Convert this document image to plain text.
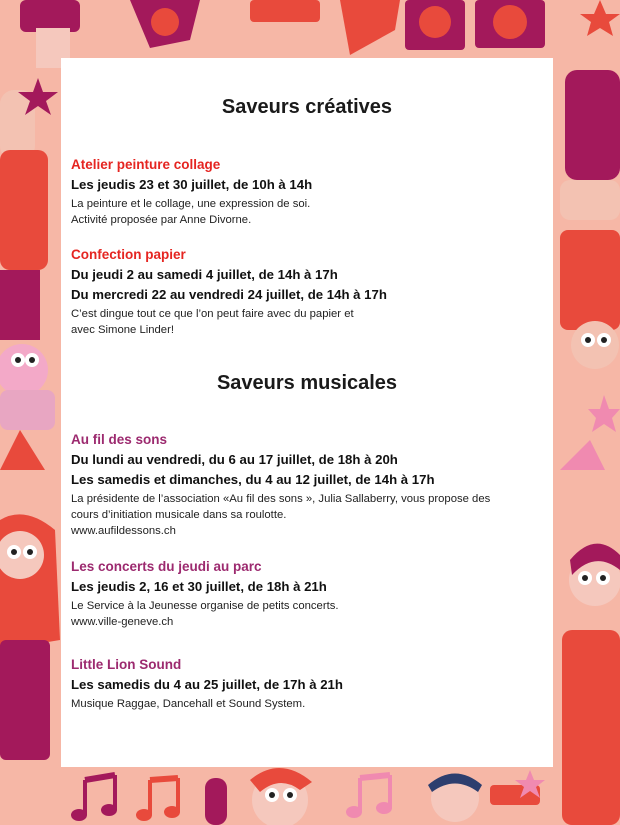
Saveurs créatives
Atelier peinture collage
Les jeudis 23 et 30 juillet, de 10h à 14h

La peinture et le collage, une expression de soi.

Activité proposée par Anne Divorne.

Confection papier
Du jeudi 2 au samedi 4 juillet, de 14h à 17h
Du mercredi 22 au vendredi 24 juillet, de 14h à 17h

C’est dingue tout ce que l’on peut faire avec du papier et

avec Simone Linder!

Saveurs musicales
Au fil des sons
Du lundi au vendredi, du 6 au 17 juillet, de 18h à 20h
Les samedis et dimanches, du 4 au 12 juillet, de 14h à 17h

La présidente de l’association «Au fil des sons », Julia Sallaberry, vous propose des

cours d’initiation musicale dans sa roulotte.

www.aufildessons.ch

Les concerts du jeudi au parc
Les jeudis 2, 16 et 30 juillet, de 18h à 21h

Le Service à la Jeunesse organise de petits concerts.

www.ville-geneve.ch

Little Lion Sound
Les samedis du 4 au 25 juillet, de 17h à 21h

Musique Raggae, Dancehall et Sound System.
